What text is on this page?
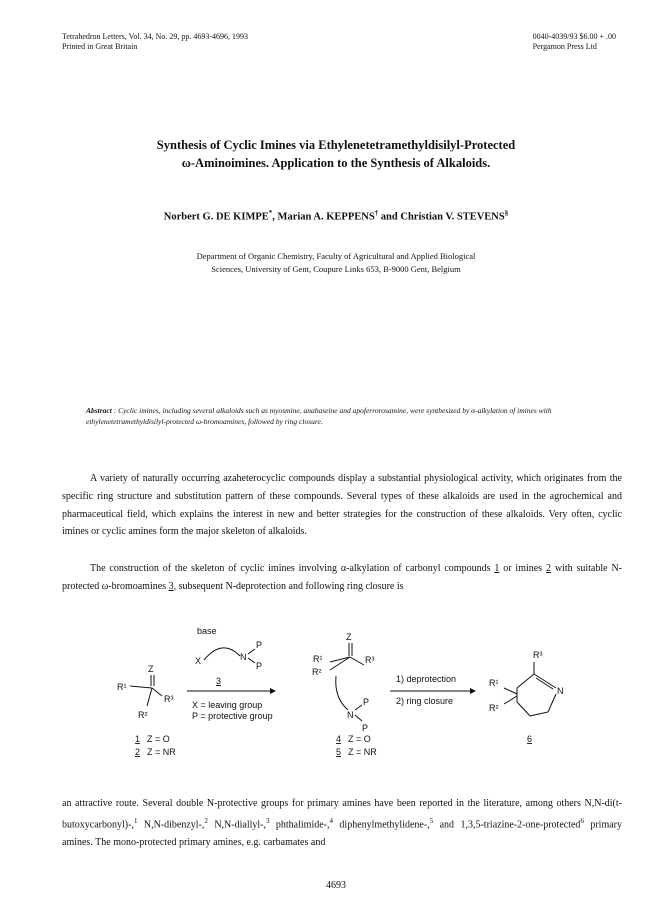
Tetrahedron Letters, Vol. 34, No. 29, pp. 4693-4696, 1993
Printed in Great Britain
0040-4039/93 $6.00 + .00
Pergamon Press Ltd
Synthesis of Cyclic Imines via Ethylenetetramethyldisilyl-Protected
ω-Aminoimines. Application to the Synthesis of Alkaloids.
Norbert G. DE KIMPE*, Marian A. KEPPENS† and Christian V. STEVENS§
Department of Organic Chemistry, Faculty of Agricultural and Applied Biological
Sciences, University of Gent, Coupure Links 653, B-9000 Gent, Belgium
Abstract : Cyclic imines, including several alkaloids such as myosmine, anabaseine and apoferrorosamine, were synthesized by α-alkylation of imines with ethylenetetramethyldisilyl-protected ω-bromoamines, followed by ring closure.
A variety of naturally occurring azaheterocyclic compounds display a substantial physiological activity, which originates from the specific ring structure and substitution pattern of these compounds. Several types of these alkaloids are used in the agrochemical and pharmaceutical field, which explains the interest in new and better strategies for the construction of these alkaloids. Very often, cyclic imines or cyclic amines form the major skeleton of alkaloids.
The construction of the skeleton of cyclic imines involving α-alkylation of carbonyl compounds 1 or imines 2 with suitable N-protected ω-bromoamines 3, subsequent N-deprotection and following ring closure is
base
X	N
P
P
3
X = leaving group
P = protective group
Z
R¹
R³
R²
1 Z = O
2 Z = NR
Z
R¹
R²
R³
N
P
P
4 Z = O
5 Z = NR
1) deprotection
2) ring closure
R³
R¹
R²
N
6
an attractive route. Several double N-protective groups for primary amines have been reported in the literature, among others N,N-di(t-butoxycarbonyl)-,$^1$ N,N-dibenzyl-,$^2$ N,N-diallyl-,$^3$ phthalimide-,$^4$ diphenylmethylidene-,$^5$ and 1,3,5-triazine-2-one-protected$^6$ primary amines. The mono-protected primary amines, e.g. carbamates and
4693
